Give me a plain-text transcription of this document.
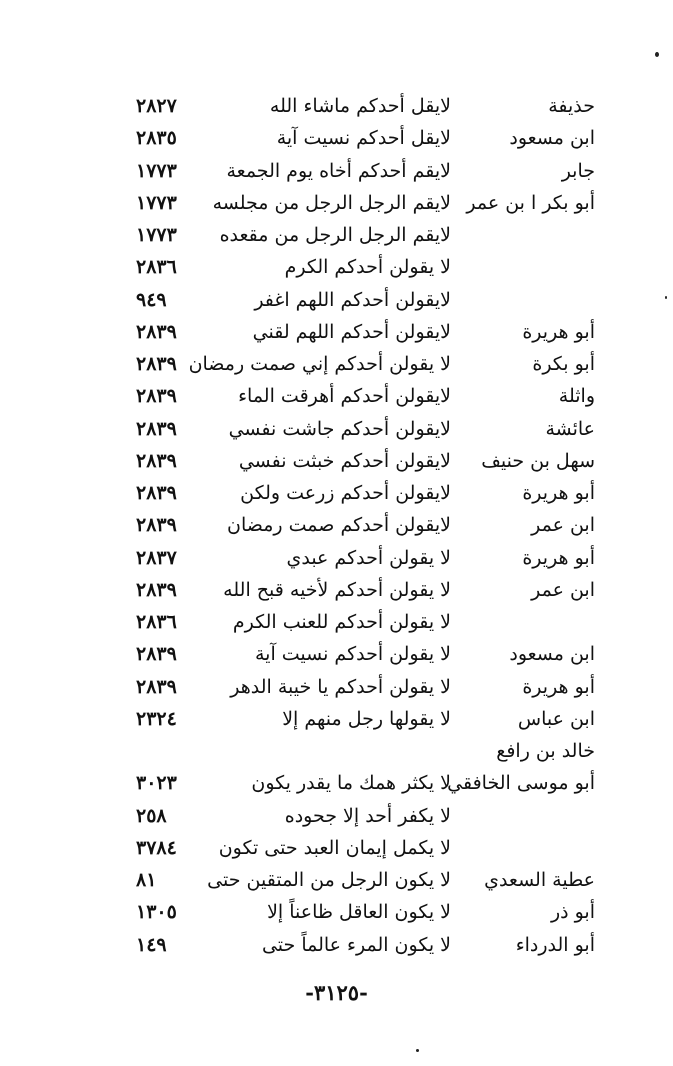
حذيفة
لايقل أحدكم ماشاء الله
٢٨٢٧
ابن مسعود
لايقل أحدكم نسيت آية
٢٨٣٥
جابر
لايقم أحدكم أخاه يوم الجمعة
١٧٧٣
أبو بكر ا بن عمر
لايقم الرجل الرجل من مجلسه
١٧٧٣
لايقم الرجل الرجل من مقعده
١٧٧٣
لا يقولن أحدكم الكرم
٢٨٣٦
لايقولن أحدكم اللهم اغفر
٩٤٩
أبو هريرة
لايقولن أحدكم اللهم لقني
٢٨٣٩
أبو بكرة
لا يقولن أحدكم إني صمت رمضان
٢٨٣٩
واثلة
لايقولن أحدكم أهرقت الماء
٢٨٣٩
عائشة
لايقولن أحدكم جاشت نفسي
٢٨٣٩
سهل بن حنيف
لايقولن أحدكم خبثت نفسي
٢٨٣٩
أبو هريرة
لايقولن أحدكم زرعت ولكن
٢٨٣٩
ابن عمر
لايقولن أحدكم صمت رمضان
٢٨٣٩
أبو هريرة
لا يقولن أحدكم عبدي
٢٨٣٧
ابن عمر
لا يقولن أحدكم لأخيه قبح الله
٢٨٣٩
لا يقولن أحدكم للعنب الكرم
٢٨٣٦
ابن مسعود
لا يقولن أحدكم نسيت آية
٢٨٣٩
أبو هريرة
لا يقولن أحدكم يا خيبة الدهر
٢٨٣٩
ابن عباس
لا يقولها رجل منهم إلا
٢٣٢٤
خالد بن رافع
أبو موسى الخافقي
لا يكثر همك ما يقدر يكون
٣٠٢٣
لا يكفر أحد إلا جحوده
٢٥٨
لا يكمل إيمان العبد حتى تكون
٣٧٨٤
عطية السعدي
لا يكون الرجل من المتقين حتى
٨١
أبو ذر
لا يكون العاقل ظاعناً إلا
١٣٠٥
أبو الدرداء
لا يكون المرء عالماً حتى
١٤٩
-٣١٢٥-
